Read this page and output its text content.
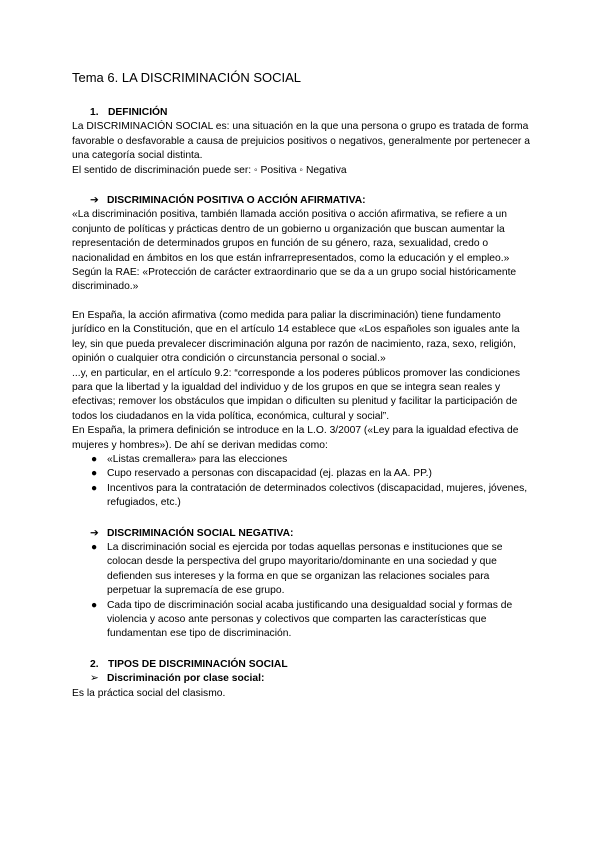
Tema 6. LA DISCRIMINACIÓN SOCIAL
1. DEFINICIÓN

La DISCRIMINACIÓN SOCIAL es: una situación en la que una persona o grupo es tratada de forma favorable o desfavorable a causa de prejuicios positivos o negativos, generalmente por pertenecer a una categoría social distinta.

El sentido de discriminación puede ser: ◦ Positiva ◦ Negativa

➔ DISCRIMINACIÓN POSITIVA O ACCIÓN AFIRMATIVA:

«La discriminación positiva, también llamada acción positiva o acción afirmativa, se refiere a un conjunto de políticas y prácticas dentro de un gobierno u organización que buscan aumentar la representación de determinados grupos en función de su género, raza, sexualidad, credo o nacionalidad en ámbitos en los que están infrarrepresentados, como la educación y el empleo.» Según la RAE: «Protección de carácter extraordinario que se da a un grupo social históricamente discriminado.»

En España, la acción afirmativa (como medida para paliar la discriminación) tiene fundamento jurídico en la Constitución, que en el artículo 14 establece que «Los españoles son iguales ante la ley, sin que pueda prevalecer discriminación alguna por razón de nacimiento, raza, sexo, religión, opinión o cualquier otra condición o circunstancia personal o social.»

...y, en particular, en el artículo 9.2: “corresponde a los poderes públicos promover las condiciones para que la libertad y la igualdad del individuo y de los grupos en que se integra sean reales y efectivas; remover los obstáculos que impidan o dificulten su plenitud y facilitar la participación de todos los ciudadanos en la vida política, económica, cultural y social”.

En España, la primera definición se introduce en la L.O. 3/2007 («Ley para la igualdad efectiva de mujeres y hombres»). De ahí se derivan medidas como:

● «Listas cremallera» para las elecciones
● Cupo reservado a personas con discapacidad (ej. plazas en la AA. PP.)
● Incentivos para la contratación de determinados colectivos (discapacidad, mujeres, jóvenes, refugiados, etc.)
➔ DISCRIMINACIÓN SOCIAL NEGATIVA:
● La discriminación social es ejercida por todas aquellas personas e instituciones que se colocan desde la perspectiva del grupo mayoritario/dominante en una sociedad y que defienden sus intereses y la forma en que se organizan las relaciones sociales para perpetuar la supremacía de ese grupo.
● Cada tipo de discriminación social acaba justificando una desigualdad social y formas de violencia y acoso ante personas y colectivos que comparten las características que fundamentan ese tipo de discriminación.
2. TIPOS DE DISCRIMINACIÓN SOCIAL
➢ Discriminación por clase social:

Es la práctica social del clasismo.
